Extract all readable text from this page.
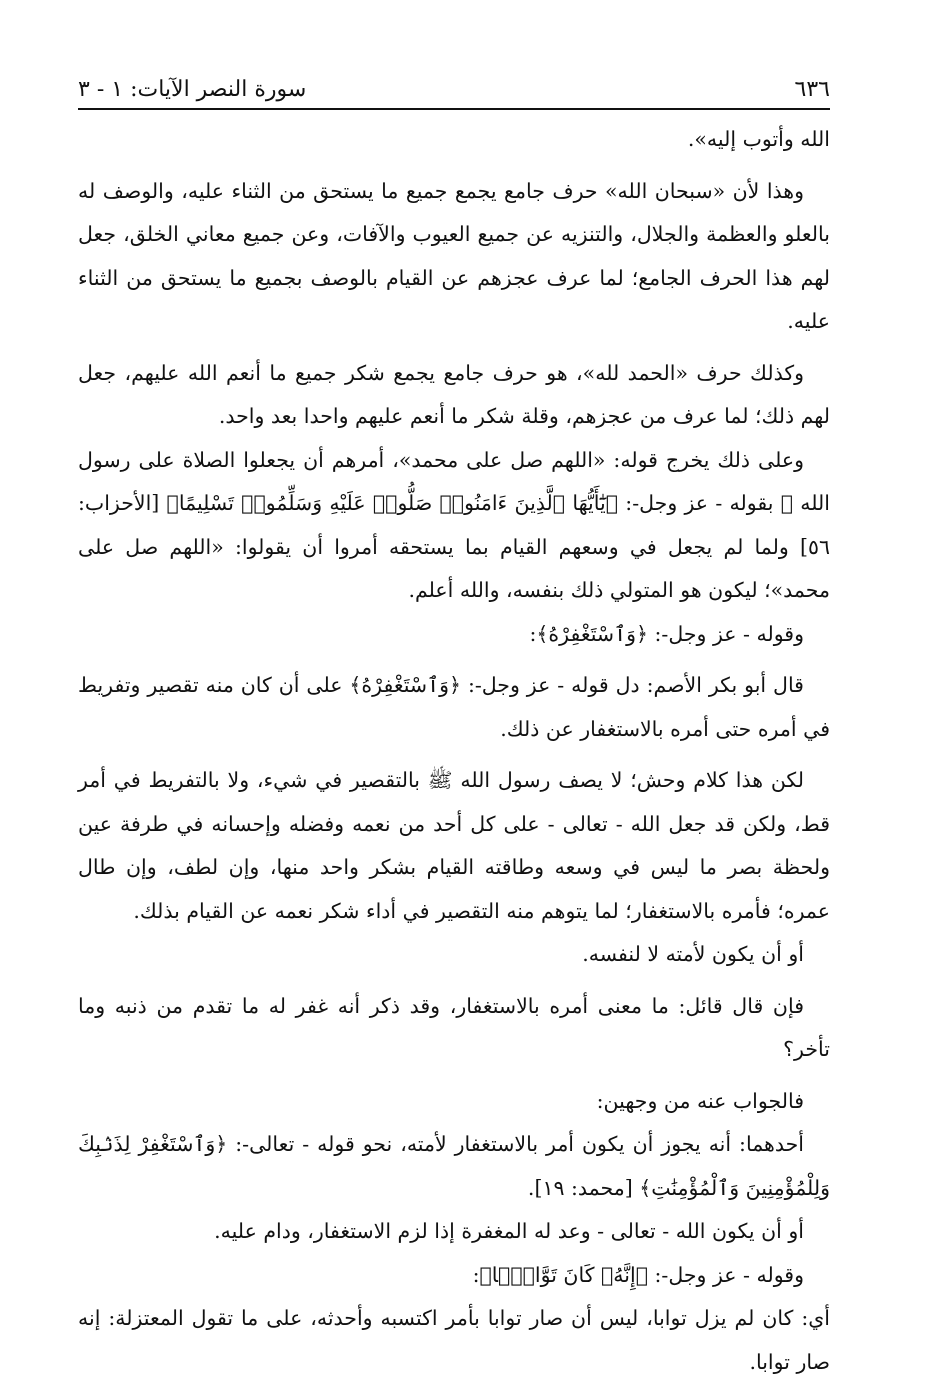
٦٣٦
سورة النصر الآيات: ١ - ٣

الله وأتوب إليه».

وهذا لأن «سبحان الله» حرف جامع يجمع جميع ما يستحق من الثناء عليه، والوصف له بالعلو والعظمة والجلال، والتنزيه عن جميع العيوب والآفات، وعن جميع معاني الخلق، جعل لهم هذا الحرف الجامع؛ لما عرف عجزهم عن القيام بالوصف بجميع ما يستحق من الثناء عليه.

وكذلك حرف «الحمد لله»، هو حرف جامع يجمع شكر جميع ما أنعم الله عليهم، جعل لهم ذلك؛ لما عرف من عجزهم، وقلة شكر ما أنعم عليهم واحدا بعد واحد.

وعلى ذلك يخرج قوله: «اللهم صل على محمد»، أمرهم أن يجعلوا الصلاة على رسول الله ﷺ بقوله - عز وجل-: ﴿يَٰٓأَيُّهَا ٱلَّذِينَ ءَامَنُوا۟ صَلُّوا۟ عَلَيْهِ وَسَلِّمُوا۟ تَسْلِيمًا﴾ [الأحزاب: ٥٦] ولما لم يجعل في وسعهم القيام بما يستحقه أمروا أن يقولوا: «اللهم صل على محمد»؛ ليكون هو المتولي ذلك بنفسه، والله أعلم.

وقوله - عز وجل-: ﴿وَٱسْتَغْفِرْهُ﴾:

قال أبو بكر الأصم: دل قوله - عز وجل-: ﴿وَٱسْتَغْفِرْهُ﴾ على أن كان منه تقصير وتفريط في أمره حتى أمره بالاستغفار عن ذلك.

لكن هذا كلام وحش؛ لا يصف رسول الله ﷺ بالتقصير في شيء، ولا بالتفريط في أمر قط، ولكن قد جعل الله - تعالى - على كل أحد من نعمه وفضله وإحسانه في طرفة عين ولحظة بصر ما ليس في وسعه وطاقته القيام بشكر واحد منها، وإن لطف، وإن طال عمره؛ فأمره بالاستغفار؛ لما يتوهم منه التقصير في أداء شكر نعمه عن القيام بذلك.

أو أن يكون لأمته لا لنفسه.

فإن قال قائل: ما معنى أمره بالاستغفار، وقد ذكر أنه غفر له ما تقدم من ذنبه وما تأخر؟

فالجواب عنه من وجهين:

أحدهما: أنه يجوز أن يكون أمر بالاستغفار لأمته، نحو قوله - تعالى-: ﴿وَٱسْتَغْفِرْ لِذَنۢبِكَ وَلِلْمُؤْمِنِينَ وَٱلْمُؤْمِنَٰتِ﴾ [محمد: ١٩].

أو أن يكون الله - تعالى - وعد له المغفرة إذا لزم الاستغفار، ودام عليه.

وقوله - عز وجل-: ﴿إِنَّهُۥ كَانَ تَوَّابًۢا﴾:

أي: كان لم يزل توابا، ليس أن صار توابا بأمر اكتسبه وأحدثه، على ما تقول المعتزلة: إنه صار توابا.
